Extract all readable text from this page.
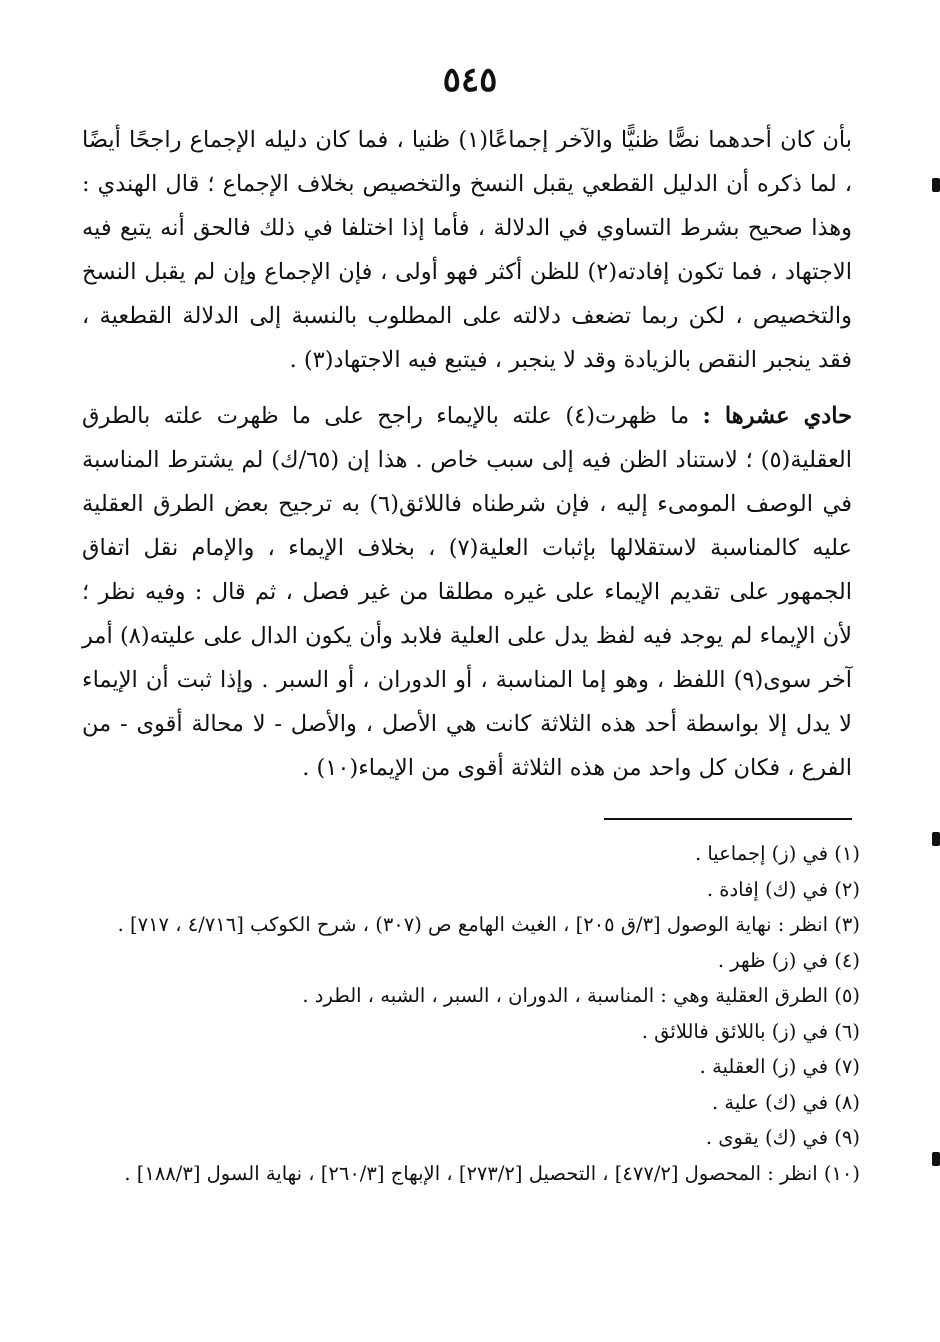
٥٤٥

بأن كان أحدهما نصًّا ظنيًّا والآخر إجماعًا(١) ظنيا ، فما كان دليله الإجماع راجحًا أيضًا ، لما ذكره أن الدليل القطعي يقبل النسخ والتخصيص بخلاف الإجماع ؛ قال الهندي : وهذا صحيح بشرط التساوي في الدلالة ، فأما إذا اختلفا في ذلك فالحق أنه يتبع فيه الاجتهاد ، فما تكون إفادته(٢) للظن أكثر فهو أولى ، فإن الإجماع وإن لم يقبل النسخ والتخصيص ، لكن ربما تضعف دلالته على المطلوب بالنسبة إلى الدلالة القطعية ، فقد ينجبر النقص بالزيادة وقد لا ينجبر ، فيتبع فيه الاجتهاد(٣) .

حادي عشرها : ما ظهرت(٤) علته بالإيماء راجح على ما ظهرت علته بالطرق العقلية(٥) ؛ لاستناد الظن فيه إلى سبب خاص . هذا إن (٦٥/ك) لم يشترط المناسبة في الوصف المومىء إليه ، فإن شرطناه فاللائق(٦) به ترجيح بعض الطرق العقلية عليه كالمناسبة لاستقلالها بإثبات العلية(٧) ، بخلاف الإيماء ، والإمام نقل اتفاق الجمهور على تقديم الإيماء على غيره مطلقا من غير فصل ، ثم قال : وفيه نظر ؛ لأن الإيماء لم يوجد فيه لفظ يدل على العلية فلابد وأن يكون الدال على عليته(٨) أمر آخر سوى(٩) اللفظ ، وهو إما المناسبة ، أو الدوران ، أو السبر . وإذا ثبت أن الإيماء لا يدل إلا بواسطة أحد هذه الثلاثة كانت هي الأصل ، والأصل - لا محالة أقوى - من الفرع ، فكان كل واحد من هذه الثلاثة أقوى من الإيماء(١٠) .

(١) في (ز) إجماعيا .

(٢) في (ك) إفادة .

(٣) انظر : نهاية الوصول [٣/ق ٢٠٥] ، الغيث الهامع ص (٣٠٧) ، شرح الكوكب [٤/٧١٦ ، ٧١٧] .

(٤) في (ز) ظهر .

(٥) الطرق العقلية وهي : المناسبة ، الدوران ، السبر ، الشبه ، الطرد .

(٦) في (ز) باللائق فاللائق .

(٧) في (ز) العقلية .

(٨) في (ك) علية .

(٩) في (ك) يقوى .

(١٠) انظر : المحصول [٤٧٧/٢] ، التحصيل [٢٧٣/٢] ، الإبهاج [٢٦٠/٣] ، نهاية السول [١٨٨/٣] .
